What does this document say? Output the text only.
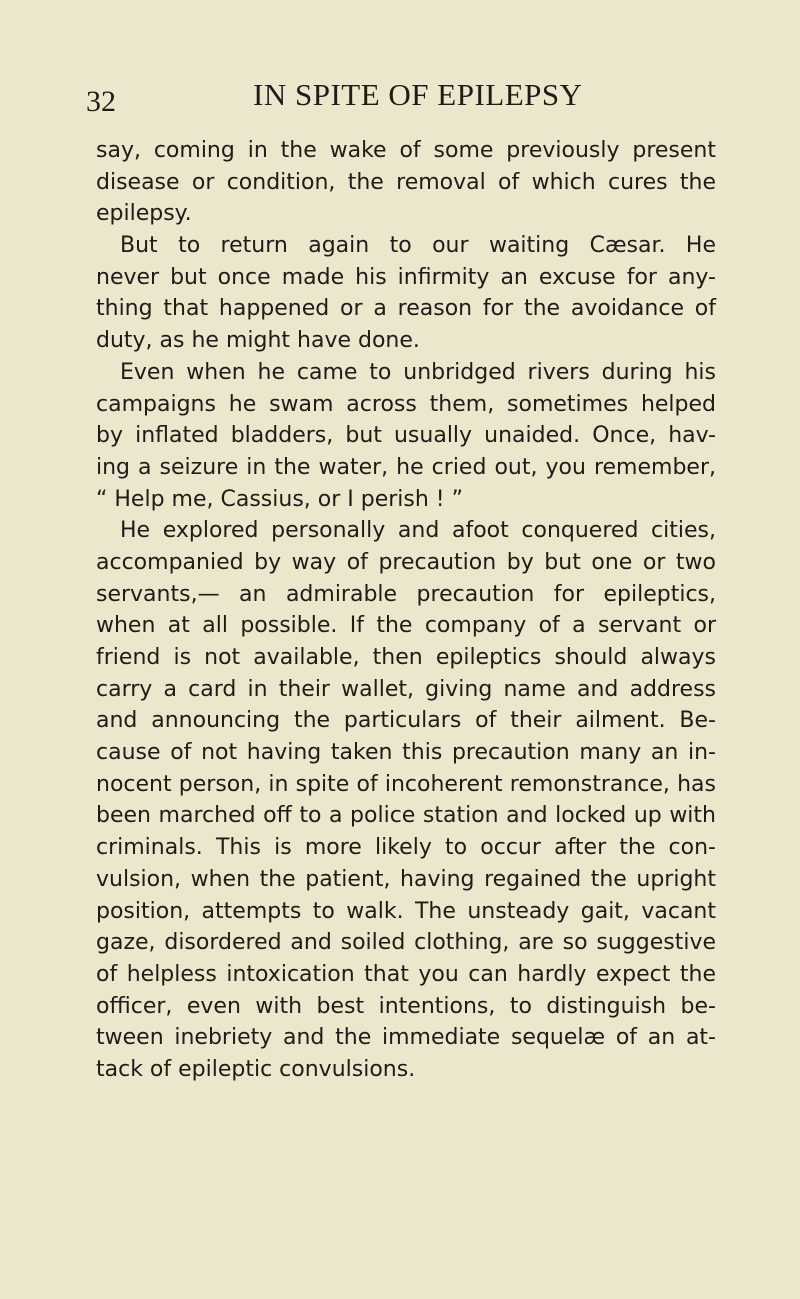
32	IN SPITE OF EPILEPSY
say, coming in the wake of some previously present
disease or condition, the removal of which cures the
epilepsy.
But to return again to our waiting Cæsar. He
never but once made his infirmity an excuse for any-
thing that happened or a reason for the avoidance of
duty, as he might have done.
Even when he came to unbridged rivers during his
campaigns he swam across them, sometimes helped
by inflated bladders, but usually unaided. Once, hav-
ing a seizure in the water, he cried out, you remember,
“ Help me, Cassius, or I perish ! ”
He explored personally and afoot conquered cities,
accompanied by way of precaution by but one or two
servants,— an admirable precaution for epileptics,
when at all possible. If the company of a servant or
friend is not available, then epileptics should always
carry a card in their wallet, giving name and address
and announcing the particulars of their ailment. Be-
cause of not having taken this precaution many an in-
nocent person, in spite of incoherent remonstrance, has
been marched off to a police station and locked up with
criminals. This is more likely to occur after the con-
vulsion, when the patient, having regained the upright
position, attempts to walk. The unsteady gait, vacant
gaze, disordered and soiled clothing, are so suggestive
of helpless intoxication that you can hardly expect the
officer, even with best intentions, to distinguish be-
tween inebriety and the immediate sequelæ of an at-
tack of epileptic convulsions.
